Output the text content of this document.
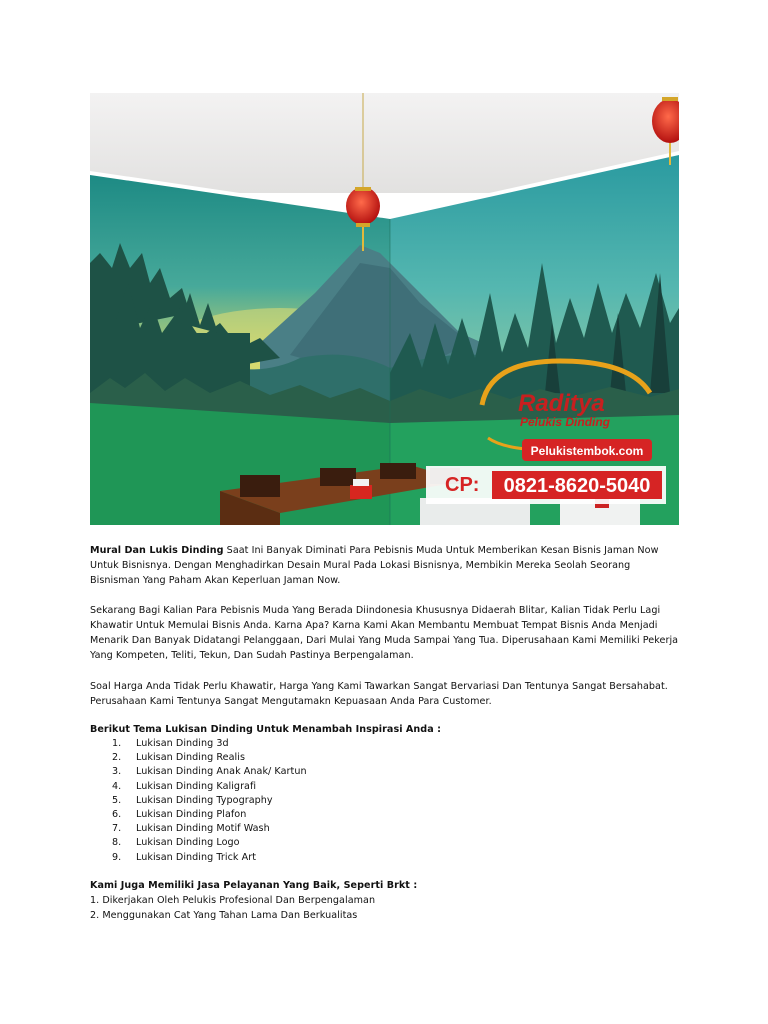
Raditya
Pelukis Dinding
Pelukistembok.com
CP: 0821-8620-5040

Mural Dan Lukis Dinding Saat Ini Banyak Diminati Para Pebisnis Muda Untuk Memberikan Kesan Bisnis Jaman Now Untuk Bisnisnya. Dengan Menghadirkan Desain Mural Pada Lokasi Bisnisnya, Membikin Mereka Seolah Seorang Bisnisman Yang Paham Akan Keperluan Jaman Now.

Sekarang Bagi Kalian Para Pebisnis Muda Yang Berada Diindonesia Khususnya Didaerah Blitar, Kalian Tidak Perlu Lagi Khawatir Untuk Memulai Bisnis Anda. Karna Apa? Karna Kami Akan Membantu Membuat Tempat Bisnis Anda Menjadi Menarik Dan Banyak Didatangi Pelanggaan, Dari Mulai Yang Muda Sampai Yang Tua. Diperusahaan Kami Memiliki Pekerja Yang Kompeten, Teliti, Tekun, Dan Sudah Pastinya Berpengalaman.

Soal Harga Anda Tidak Perlu Khawatir, Harga Yang Kami Tawarkan Sangat Bervariasi Dan Tentunya Sangat Bersahabat. Perusahaan Kami Tentunya Sangat Mengutamakn Kepuasaan Anda Para Customer.

Berikut Tema Lukisan Dinding Untuk Menambah Inspirasi Anda :

1.	Lukisan Dinding 3d
2.	Lukisan Dinding Realis
3.	Lukisan Dinding Anak Anak/ Kartun
4.	Lukisan Dinding Kaligrafi
5.	Lukisan Dinding Typography
6.	Lukisan Dinding Plafon
7.	Lukisan Dinding Motif Wash
8.	Lukisan Dinding Logo
9.	Lukisan Dinding Trick Art

Kami Juga Memiliki Jasa Pelayanan Yang Baik, Seperti Brkt :

1. Dikerjakan Oleh Pelukis Profesional Dan Berpengalaman

2. Menggunakan Cat Yang Tahan Lama Dan Berkualitas
